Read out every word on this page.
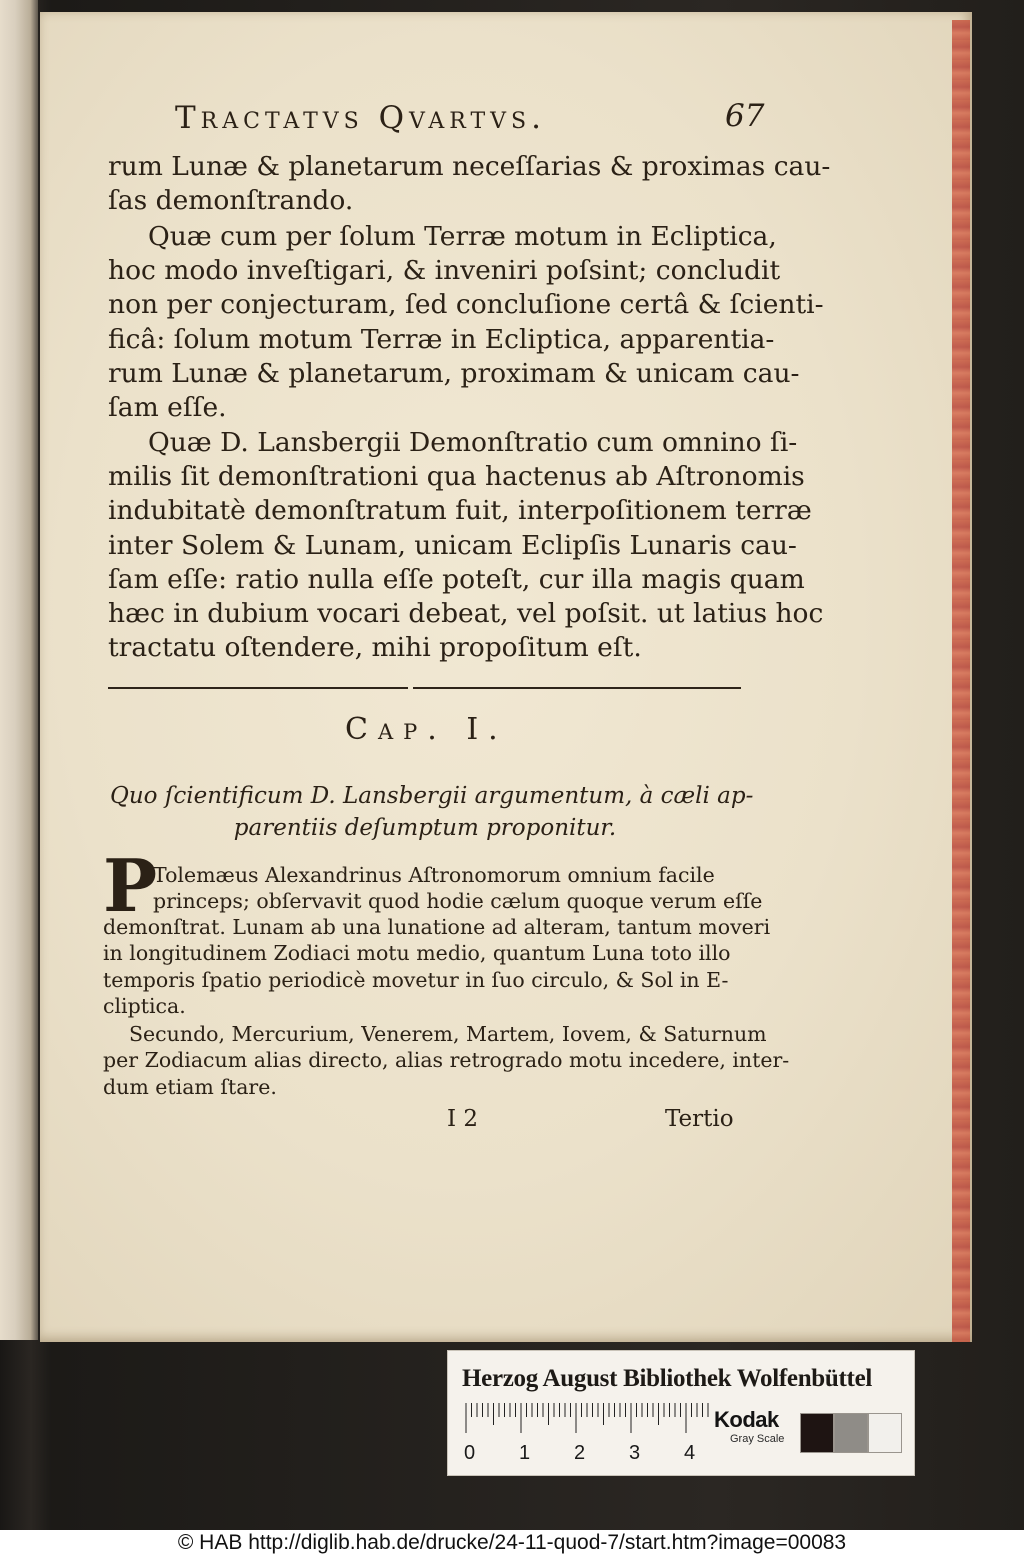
Tractatvs Qvartvs.	67
rum Lunæ & planetarum neceſſarias & proximas cau-
ſas demonſtrando.
Quæ cum per ſolum Terræ motum in Ecliptica,
hoc modo inveſtigari, & inveniri poſsint; concludit
non per conjecturam, ſed concluſione certâ & ſcienti-
ficâ: ſolum motum Terræ in Ecliptica, apparentia-
rum Lunæ & planetarum, proximam & unicam cau-
ſam eſſe.
Quæ D. Lansbergii Demonſtratio cum omnino ſi-
milis ſit demonſtrationi qua hactenus ab Aſtronomis
indubitatè demonſtratum fuit, interpoſitionem terræ
inter Solem & Lunam, unicam Eclipſis Lunaris cau-
ſam eſſe: ratio nulla eſſe poteſt, cur illa magis quam
hæc in dubium vocari debeat, vel poſsit. ut latius hoc
tractatu oſtendere, mihi propoſitum eſt.
Cap. I.
Quo ſcientificum D. Lansbergii argumentum, à cæli ap-
parentiis deſumptum proponitur.
P
Tolemæus Alexandrinus Aſtronomorum omnium facile
princeps; obſervavit quod hodie cælum quoque verum eſſe
demonſtrat. Lunam ab una lunatione ad alteram, tantum moveri
in longitudinem Zodiaci motu medio, quantum Luna toto illo
temporis ſpatio periodicè movetur in ſuo circulo, & Sol in E-
cliptica.
Secundo, Mercurium, Venerem, Martem, Iovem, & Saturnum
per Zodiacum alias directo, alias retrogrado motu incedere, inter-
dum etiam ſtare.
I 2	Tertio
Herzog August Bibliothek Wolfenbüttel
0 1 2 3 4
Kodak
Gray Scale
© HAB http://diglib.hab.de/drucke/24-11-quod-7/start.htm?image=00083
